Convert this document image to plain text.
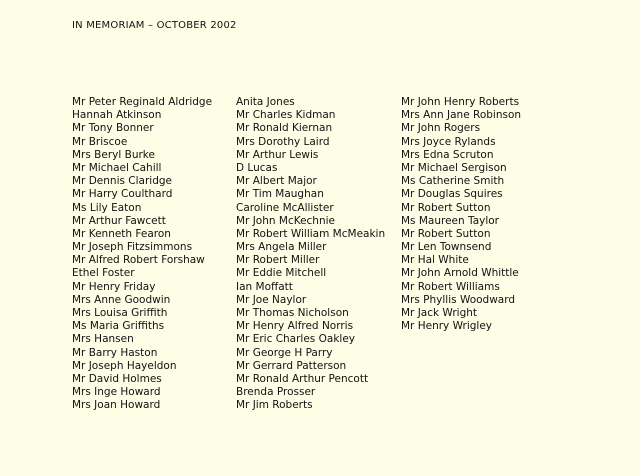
IN MEMORIAM – OCTOBER 2002
Mr Peter Reginald Aldridge
Hannah Atkinson
Mr Tony Bonner
Mr Briscoe
Mrs Beryl Burke
Mr Michael Cahill
Mr Dennis Claridge
Mr Harry Coulthard
Ms Lily Eaton
Mr Arthur Fawcett
Mr Kenneth Fearon
Mr Joseph Fitzsimmons
Mr Alfred Robert Forshaw
Ethel Foster
Mr Henry Friday
Mrs Anne Goodwin
Mrs Louisa Griffith
Ms Maria Griffiths
Mrs Hansen
Mr Barry Haston
Mr Joseph Hayeldon
Mr David Holmes
Mrs Inge Howard
Mrs Joan Howard
Anita Jones
Mr Charles Kidman
Mr Ronald Kiernan
Mrs Dorothy Laird
Mr Arthur Lewis
D Lucas
Mr Albert Major
Mr Tim Maughan
Caroline McAllister
Mr John McKechnie
Mr Robert William McMeakin
Mrs Angela Miller
Mr Robert Miller
Mr Eddie Mitchell
Ian Moffatt
Mr Joe Naylor
Mr Thomas Nicholson
Mr Henry Alfred Norris
Mr Eric Charles Oakley
Mr George H Parry
Mr Gerrard Patterson
Mr Ronald Arthur Pencott
Brenda Prosser
Mr Jim Roberts
Mr John Henry Roberts
Mrs Ann Jane Robinson
Mr John Rogers
Mrs Joyce Rylands
Mrs Edna Scruton
Mr Michael Sergison
Ms Catherine Smith
Mr Douglas Squires
Mr Robert Sutton
Ms Maureen Taylor
Mr Robert Sutton
Mr Len Townsend
Mr Hal White
Mr John Arnold Whittle
Mr Robert Williams
Mrs Phyllis Woodward
Mr Jack Wright
Mr Henry Wrigley
